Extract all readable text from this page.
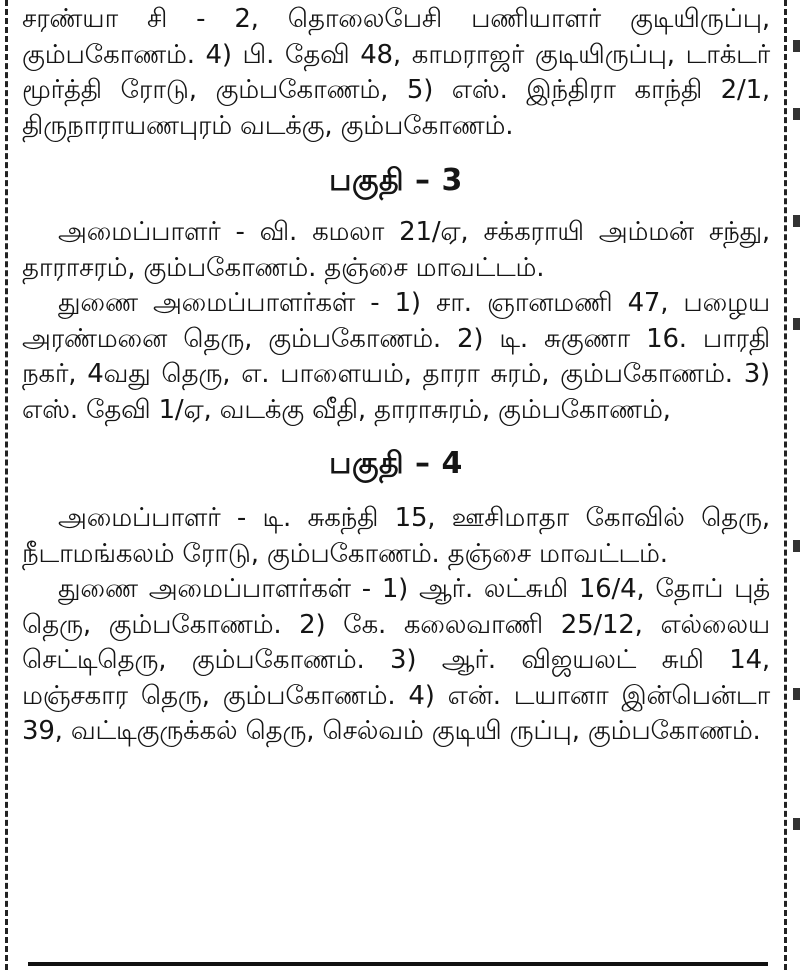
சரண்யா சி - 2, தொலைபேசி பணியாளர் குடியிருப்பு, கும்பகோணம். 4) பி. தேவி 48, காமராஜர் குடியிருப்பு, டாக்டர் மூர்த்தி ரோடு, கும்பகோணம், 5) எஸ். இந்திரா காந்தி 2/1, திருநாராயணபுரம் வடக்கு, கும்பகோணம்.

பகுதி – 3

அமைப்பாளர் - வி. கமலா 21/ஏ, சக்கராயி அம்மன் சந்து, தாராசரம், கும்பகோணம். தஞ்சை மாவட்டம்.

துணை அமைப்பாளர்கள் - 1) சா. ஞானமணி 47, பழைய அரண்மனை தெரு, கும்பகோணம். 2) டி. சுகுணா 16. பாரதி நகர், 4வது தெரு, எ. பாளையம், தாரா சுரம், கும்பகோணம். 3) எஸ். தேவி 1/ஏ, வடக்கு வீதி, தாராசுரம், கும்பகோணம்,

பகுதி – 4

அமைப்பாளர் - டி. சுகந்தி 15, ஊசிமாதா கோவில் தெரு, நீடாமங்கலம் ரோடு, கும்பகோணம். தஞ்சை மாவட்டம்.

துணை அமைப்பாளர்கள் - 1) ஆர். லட்சுமி 16/4, தோப் புத் தெரு, கும்பகோணம். 2) கே. கலைவாணி 25/12, எல்லைய செட்டிதெரு, கும்பகோணம். 3) ஆர். விஜயலட் சுமி 14, மஞ்சகார தெரு, கும்பகோணம். 4) என். டயானா இன்பென்டா 39, வட்டிகுருக்கல் தெரு, செல்வம் குடியி ருப்பு, கும்பகோணம்.
